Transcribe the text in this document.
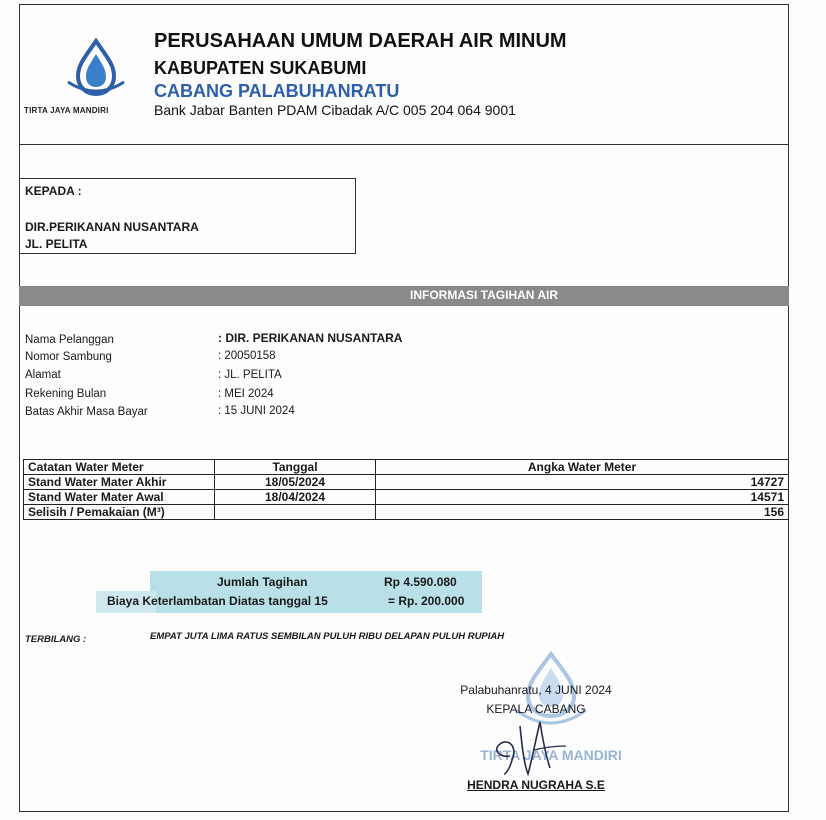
TIRTA JAYA MANDIRI
PERUSAHAAN UMUM DAERAH AIR MINUM
KABUPATEN SUKABUMI
CABANG PALABUHANRATU
Bank Jabar Banten PDAM Cibadak A/C 005 204 064 9001
KEPADA :
DIR.PERIKANAN NUSANTARA
JL. PELITA
INFORMASI TAGIHAN AIR
Nama Pelanggan	: DIR. PERIKANAN NUSANTARA
Nomor Sambung	: 20050158
Alamat	: JL. PELITA
Rekening Bulan	: MEI 2024
Batas Akhir Masa Bayar	: 15 JUNI 2024
Catatan Water Meter	Tanggal	Angka Water Meter
Stand Water Mater Akhir	18/05/2024	14727
Stand Water Mater Awal	18/04/2024	14571
Selisih / Pemakaian (M³)		156
Jumlah Tagihan	Rp 4.590.080
Biaya Keterlambatan Diatas tanggal 15	= Rp. 200.000
TERBILANG :	EMPAT JUTA LIMA RATUS SEMBILAN PULUH RIBU DELAPAN PULUH RUPIAH
TIRTA JAYA MANDIRI
Palabuhanratu, 4 JUNI 2024
KEPALA CABANG
HENDRA NUGRAHA S.E
